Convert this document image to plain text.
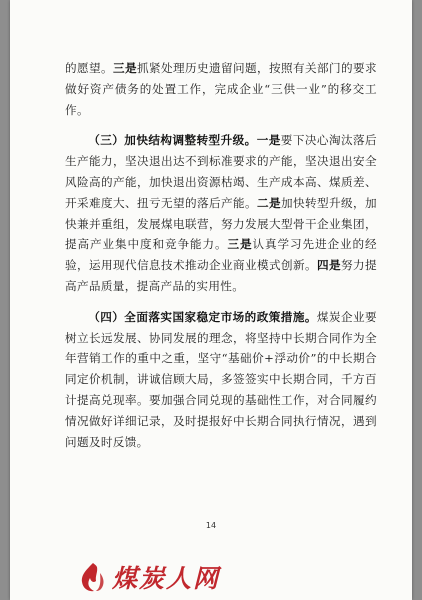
的愿望。三是抓紧处理历史遗留问题，按照有关部门的要求做好资产债务的处置工作，完成企业“三供一业”的移交工作。

（三）加快结构调整转型升级。一是要下决心淘汰落后生产能力，坚决退出达不到标准要求的产能，坚决退出安全风险高的产能，加快退出资源枯竭、生产成本高、煤质差、开采难度大、扭亏无望的落后产能。二是加快转型升级，加快兼并重组，发展煤电联营，努力发展大型骨干企业集团，提高产业集中度和竞争能力。三是认真学习先进企业的经验，运用现代信息技术推动企业商业模式创新。四是努力提高产品质量，提高产品的实用性。

（四）全面落实国家稳定市场的政策措施。煤炭企业要树立长远发展、协同发展的理念，将坚持中长期合同作为全年营销工作的重中之重，坚守“基础价+浮动价”的中长期合同定价机制，讲诚信顾大局，多签签实中长期合同，千方百计提高兑现率。要加强合同兑现的基础性工作，对合同履约情况做好详细记录，及时提报好中长期合同执行情况，遇到问题及时反馈。

14
煤炭人网
